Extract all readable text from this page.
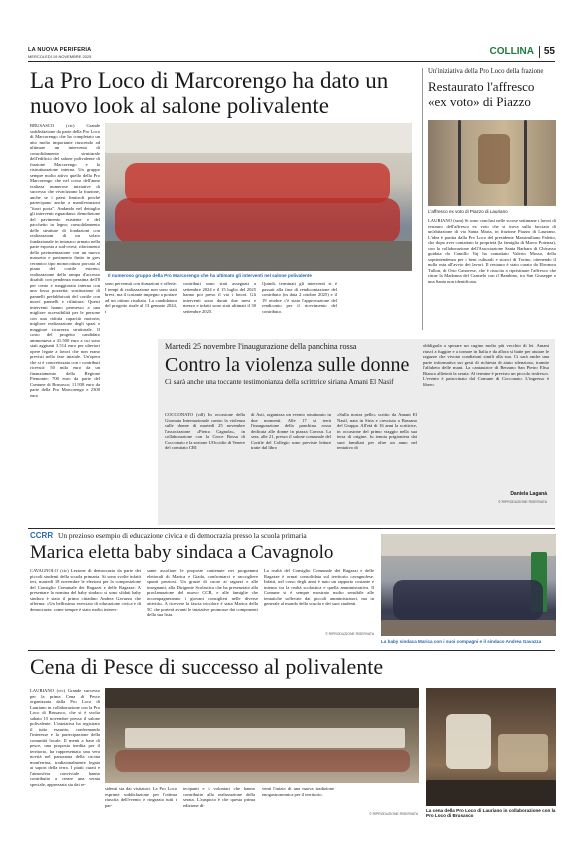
LA NUOVA PERIFERIA
MERCOLEDÌ 19 NOVEMBRE 2025	COLLINA 55
La Pro Loco di Marcorengo ha dato un nuovo look al salone polivalente
BRUSASCO (ctc) Grande soddisfazione da parte della Pro Loco di Marcorengo che ha completato un atto molto importante riuscendo ad ultimare un intervento di consolidamento strutturale dell'edificio del salone polivalente di frazione Marcorengo e la ristrutturazione interna. Un gruppo sempre molto attivo quello della Pro Marcorengo che nel corso dell'anno realizza numerose iniziative di successo che vivacizzano la frazione, anche se i paesi limitrofi poiché partecipano anche a manifestazioni "fuori porta". Andando nel dettaglio gli interventi riguardano: demolizione del pavimento esistente e del pacchetto in legno; consolidamento delle strutture di fondazioni con realizzazioni di un solaio fondazionale in intonaco armato nella parte esposta a sud-ovest; rifacimento della pavimentazione con un nuovo massetto e pavimento finito in gres ceramico tipo monocottura porcato al piano del cortile esterno; realizzazione della rampa d'accesso disabili con pendenza massima dell'8 per cento e maggiorata interna con una fossa pozzetta; sostituzione di pannelli prefabbricati del cortile con nuovi pannelli e rifinitura. Questi interventi hanno permesso a una migliore accessibilità per le persone con una ridotta capacità motoria; migliore realizzazione degli spazi e maggiore sicurezza strutturale. Il costo del progetto candidato ammontava a 41.500 euro a cui sono stati aggiunti 3.514 euro per ulteriori opere legate a lavori che non erano previsti nella fase iniziale. Un'opera che si è concretizzata con i contributi ricevuti: 50 mila euro da un finanziamento della Regione Piemonte; 700 euro da parte del Comune di Brusasco; 11.938 euro da parte della Pro Marcorengo e 2300 euro
Il numeroso gruppo della Pro Marcorengo che ha ultimato gli interventi nel salone polivalente
sono pervenuti con donazioni e offerte. I tempi di realizzazione non sono stati brevi, ma il costante impegno a portare ad un ottimo risultato. La candidatura del progetto risale al 13 gennaio 2024, i
contributi sono stati assegnati a settembre 2024 e il 15 luglio del 2025 hanno poi preso il via i lavori. Gli interventi sono durati due mesi e mezzo e infatti sono stati ultimati il 30 settembre 2025.
Quindi, terminati gli interventi si è passati alla fase di rendicontazione del contributo (in data 2 ottobre 2025) e il 19 ottobre c'è stata l'approvazione del rendiconto per il ricevimento del contributo.
Un'iniziativa della Pro Loco della frazione
Restaurato l'affresco «ex voto» di Piazzo
L'affresco ex voto di Piazzo di Lauriano
LAURIANO (ssm) Si sono conclusi nelle scorse settimane i lavori di restauro dell'affresco ex voto che si trova sulla facciata di un'abitazione di via Santa Maria, in frazione Piazzo di Lauriano. L'idea è partita dalla Pro Loco del presidente Massimiliano Faletto, che dopo aver contattato la proprietà (la famiglia di Marco Potenza), con la collaborazione dell'Associazione Santa Barbara di Chivasso guidata da Camillo Vaj ha contattato Valerio Mosso, della soprintendenza per i beni culturali e storici di Torino, ottenendo il nulla osta all'avvio dei lavori. Il restauro è stato curato da Eleonora Tullon, di Orio Canavese, che è riuscita a ripristinare l'affresco che ritrae la Madonna del Carmelo con il Bambino, tra San Giuseppe e una Santa non identificata.
Martedì 25 novembre l'inaugurazione della panchina rossa
Contro la violenza sulle donne
Ci sarà anche una toccante testimonianza della scrittrice siriana Amani El Nasif
COCCONATO (cdl) In occasione della Giornata Internazionale contro la violenza sulle donne di martedì 25 novembre l'associazione «Pietra Cagnola», in collaborazione con la Croce Rossa di Cocconato e la sezione UOccidio di Venere del comitato CRI
di Asti, organizza un evento strutturato in due momenti. Alle 17 si terrà l'inaugurazione della panchina rossa dedicata alle donne in piazza Cavour. La sera, alle 21, presso il salone comunale del Cortile del Collegio sono previste letture tratte dal libro
«Sulla nostra pelle» scritto da Amani El Nasif, nata in Siria e cresciuta a Bassano del Grappa. All'età di 16 anni la scrittrice, in occasione del primo viaggio nella sua terra di origine, fu tenuta prigioniera dai suoi familiari per oltre un anno nel tentativo di
obbligarla a sposare un cugino molto più vecchio di lei. Amani riuscì a fuggire e a tornare in Italia e da allora si batte per aiutare le ragazze che vivono condizioni simili alla sua. Ci sarà anche una parte informativa sui gesti di richiesta di aiuto silenzioso, tramite l'alfabeto delle mani. La cantautrice di Berzano San Pietro Elisa Bianco allieterà la serata. Al termine è previsto un piccolo rinfresco. L'evento è patrocinato dal Comune di Cocconato. L'ingresso è libero.
Daniela Laganà
© RIPRODUZIONE RISERVATA
CCRR Un prezioso esempio di educazione civica e di democrazia presso la scuola primaria
Marica eletta baby sindaca a Cavagnolo
CAVAGNOLO (ctc) Lezione di democrazia da parte dei piccoli studenti della scuola primaria. Si sono svolte infatti ieri, martedì 18 novembre le elezioni per la composizione del Consiglio Comunale dei Ragazzi e delle Ragazze. A presentare la nomina del baby sindaco si sono sfidati baby sindaco è stato il primo cittadino Andrea Gavazza che afferma: «Un bellissimo esercizio di educazione civica e di democrazia: come sempre è stato molto interes-
sante ascoltare le proposte contenute nei programmi elettorali di Marica e Giada, confrontarci e raccogliere spunti preziosi. Un grazie di cuore ai ragazzi e alle insegnanti, alla Dirigente Scolastica che ha presenziato alla proclamazione del nuovo CCR, e alle famiglie che accompagneranno i giovani consiglieri nelle diverse attività». A ricevere la fascia tricolore è stata Marica della 5C che porterà avanti le iniziative promosse dai componenti della sua lista.
La realtà del Consiglio Comunale dei Ragazzi e delle Ragazze è ormai consolidata sul territorio cavagnolese. Infatti, nel corso degli anni è nato un rapporto costante e intenso tra la realtà scolastica e quella amministrativa. Il Comune si è sempre mostrato molto sensibile alle tematiche sollevate dai piccoli amministratori, ma in generale al mondo della scuola e dei suoi studenti.
© RIPRODUZIONE RISERVATA
La baby sindaca Marica con i suoi compagni e il sindaco Andrea Gavazza
Cena di Pesce di successo al polivalente
LAURIANO (ctc) Grande successo per la prima Cena di Pesce organizzata dalla Pro Loco di Lauriano in collaborazione con la Pro Loco di Brusasco, che si è svolta sabato 15 novembre presso il salone polivalente. L'iniziativa ha registrato il tutto esaurito, confermando l'interesse e la partecipazione della comunità locale. Il menù a base di pesce, una proposta inedita per il territorio, ha rappresentato una vera novità nel panorama della cucina monferrina, tradizionalmente legata ai sapori della terra. I piatti curati e l'atmosfera conviviale hanno contribuito a creare una serata speciale, apprezzata sia dai re-
sidenti sia dai visitatori. La Pro Loco esprime soddisfazione per l'ottima riuscita dell'evento e ringrazia tutti i par-
tecipanti e i volontari che hanno contribuito alla realizzazione della serata. L'auspicio è che questa prima edizione di-
venti l'inizio di una nuova tradizione enogastronomica per il territorio.
© RIPRODUZIONE RISERVATA
La cena della Pro Loco di Lauriano in collaborazione con la Pro Loco di Brusasco
